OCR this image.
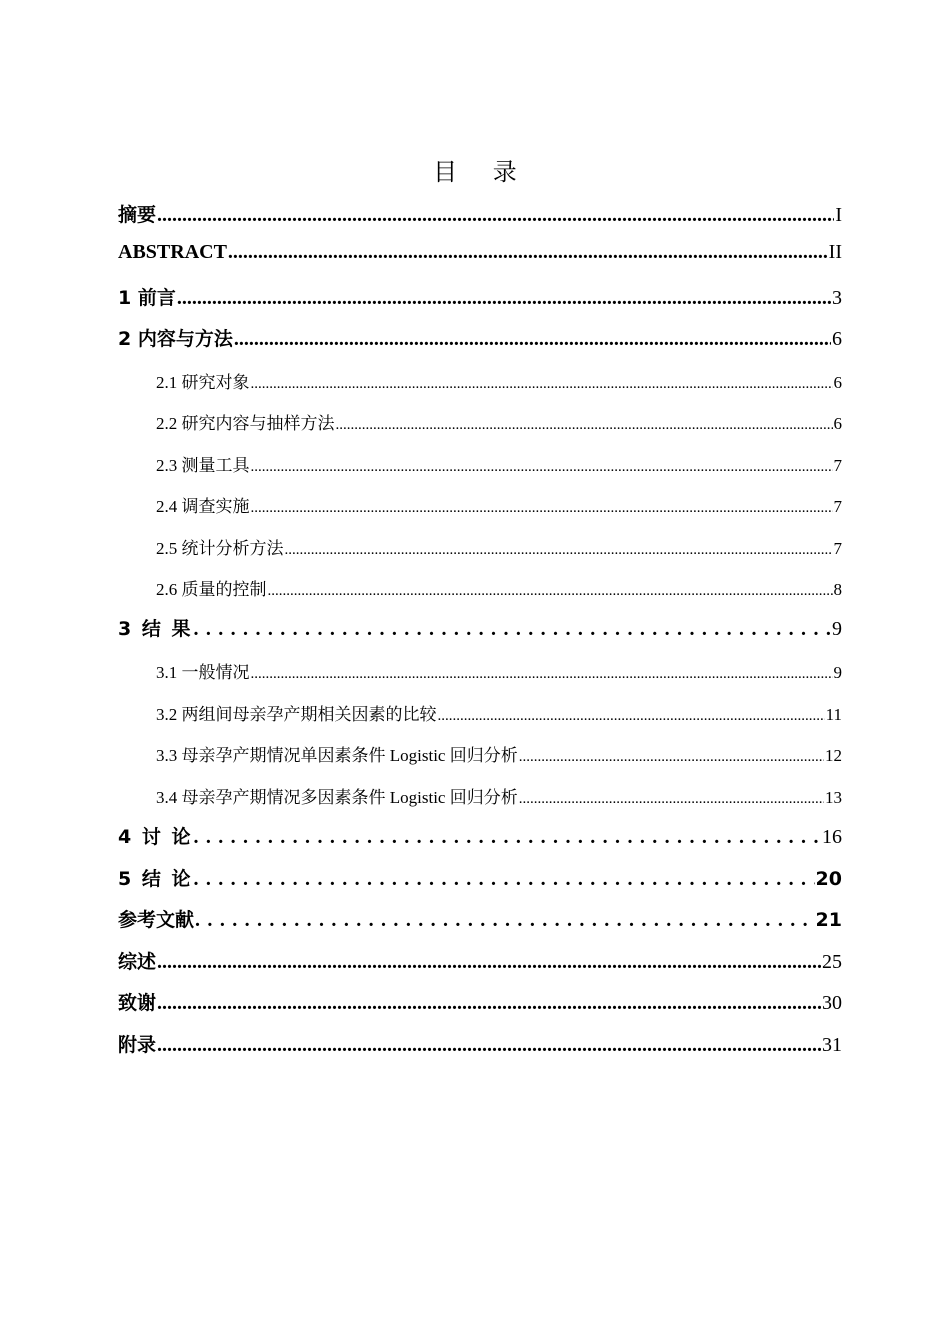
目 录
摘要 .....	I
ABSTRACT .....	II
1 前言 .....	3
2 内容与方法 .....	6
2.1 研究对象 .....	6
2.2 研究内容与抽样方法 .....	6
2.3 测量工具 .....	7
2.4 调查实施 .....	7
2.5 统计分析方法 .....	7
2.6 质量的控制 .....	8
3 结 果 . . .	9
3.1 一般情况 .....	9
3.2 两组间母亲孕产期相关因素的比较 .....	11
3.3 母亲孕产期情况单因素条件 Logistic 回归分析 .....	12
3.4 母亲孕产期情况多因素条件 Logistic 回归分析 .....	13
4 讨 论 . . .	16
5 结 论 . . .	20
参考文献 . . .	21
综述 .....	25
致谢 .....	30
附录 .....	31
